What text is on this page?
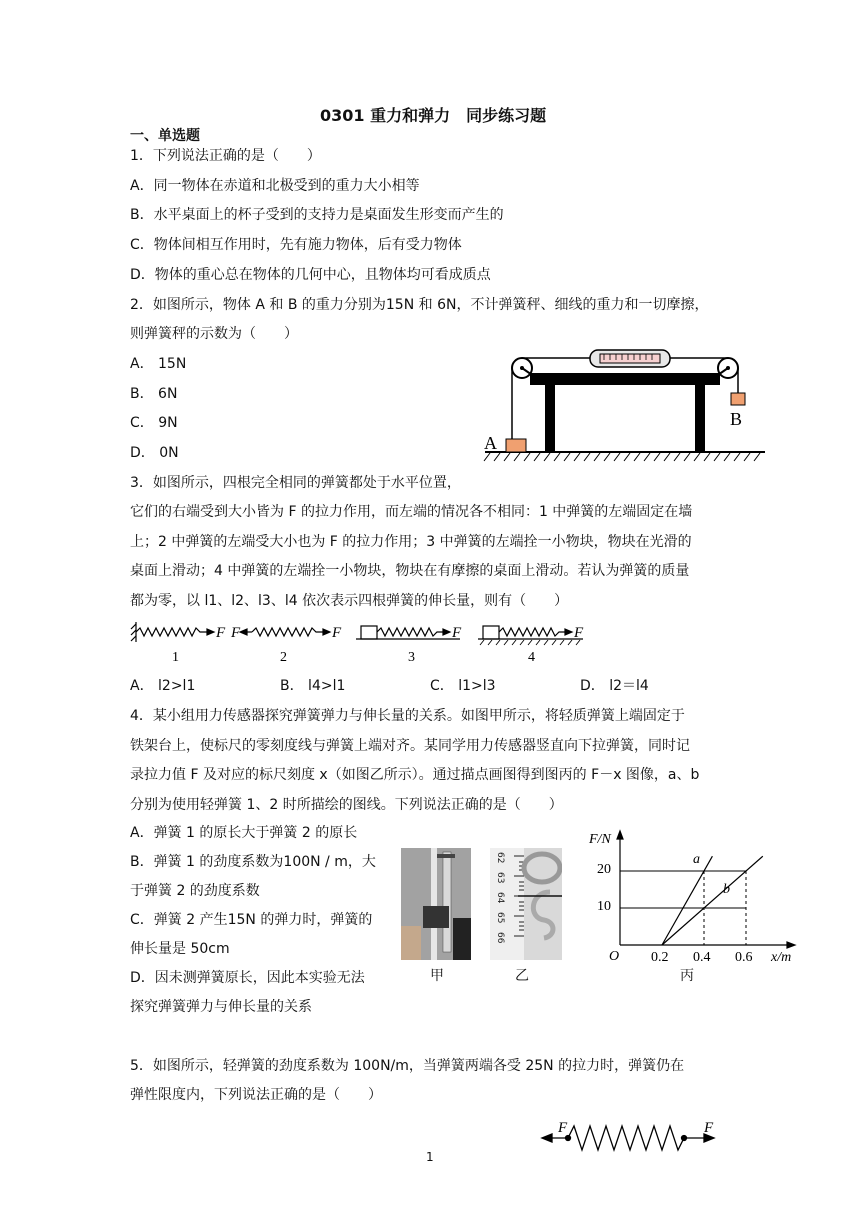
0301 重力和弹力　同步练习题
一、单选题
1．下列说法正确的是（　　）
A．同一物体在赤道和北极受到的重力大小相等
B．水平桌面上的杯子受到的支持力是桌面发生形变而产生的
C．物体间相互作用时，先有施力物体，后有受力物体
D．物体的重心总在物体的几何中心，且物体均可看成质点
2．如图所示，物体 A 和 B 的重力分别为15N 和 6N，不计弹簧秤、细线的重力和一切摩擦，
则弹簧秤的示数为（　　）
A． 15N
B． 6N
C． 9N
D． 0N	A
B
3．如图所示，四根完全相同的弹簧都处于水平位置，
它们的右端受到大小皆为 F 的拉力作用，而左端的情况各不相同：1 中弹簧的左端固定在墙
上；2 中弹簧的左端受大小也为 F 的拉力作用；3 中弹簧的左端拴一小物块，物块在光滑的
桌面上滑动；4 中弹簧的左端拴一小物块，物块在有摩擦的桌面上滑动。若认为弹簧的质量
都为零，以 l1、l2、l3、l4 依次表示四根弹簧的伸长量，则有（　　）
F F	F	F	F
1	2	3	4
A． l2>l1	B． l4>l1	C． l1>l3	D． l2＝l4
4．某小组用力传感器探究弹簧弹力与伸长量的关系。如图甲所示，将轻质弹簧上端固定于
铁架台上，使标尺的零刻度线与弹簧上端对齐。某同学用力传感器竖直向下拉弹簧，同时记
录拉力值 F 及对应的标尺刻度 x（如图乙所示）。通过描点画图得到图丙的 F－x 图像，a、b
分别为使用轻弹簧 1、2 时所描绘的图线。下列说法正确的是（　　）
A．弹簧 1 的原长大于弹簧 2 的原长
B．弹簧 1 的劲度系数为100N / m，大
于弹簧 2 的劲度系数
C．弹簧 2 产生15N 的弹力时，弹簧的
伸长量是 50cm
D．因未测弹簧原长，因此本实验无法
探究弹簧弹力与伸长量的关系
甲
62
63
64
65
66
乙
F/N
x/m
O
10
20
0.2 0.4 0.6
a
b
丙
5．如图所示，轻弹簧的劲度系数为 100N/m，当弹簧两端各受 25N 的拉力时，弹簧仍在
弹性限度内，下列说法正确的是（　　）
F	F
1
